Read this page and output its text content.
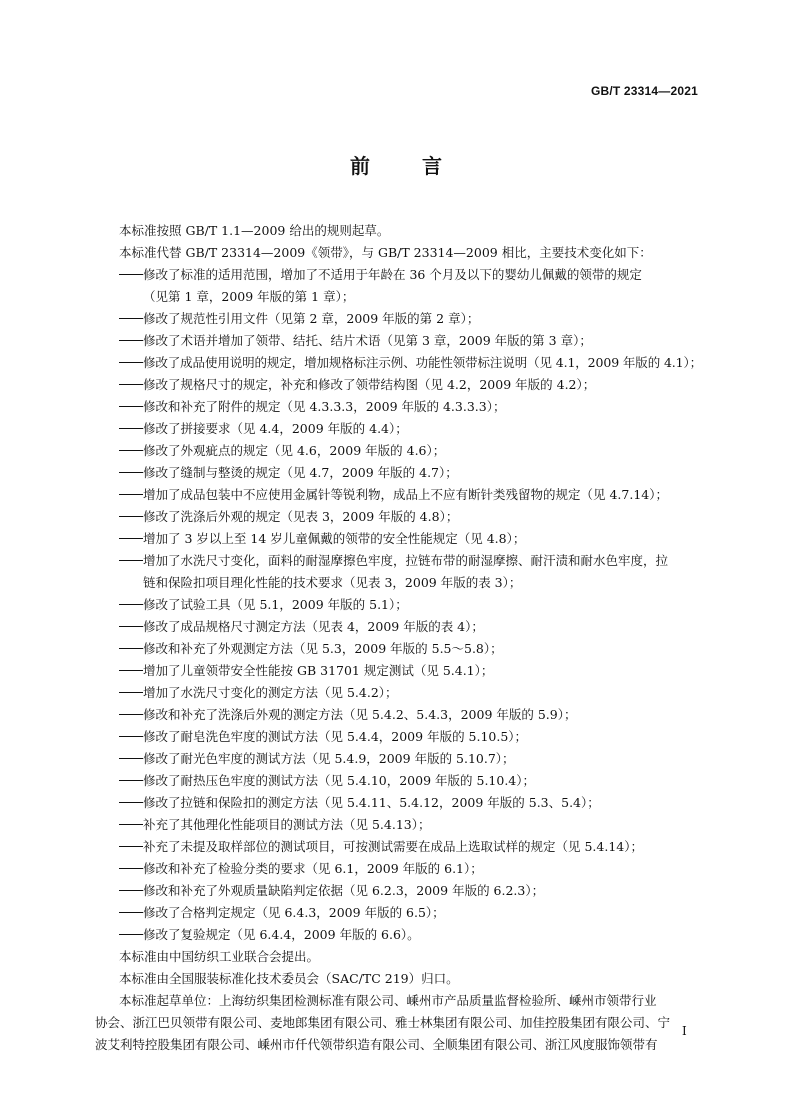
GB/T 23314—2021
前	言
本标准按照 GB/T 1.1—2009 给出的规则起草。
本标准代替 GB/T 23314—2009《领带》，与 GB/T 23314—2009 相比，主要技术变化如下：
修改了标准的适用范围，增加了不适用于年龄在 36 个月及以下的婴幼儿佩戴的领带的规定
（见第 1 章，2009 年版的第 1 章）；
修改了规范性引用文件（见第 2 章，2009 年版的第 2 章）；
修改了术语并增加了领带、结托、结片术语（见第 3 章，2009 年版的第 3 章）；
修改了成品使用说明的规定，增加规格标注示例、功能性领带标注说明（见 4.1，2009 年版的 4.1）；
修改了规格尺寸的规定，补充和修改了领带结构图（见 4.2，2009 年版的 4.2）；
修改和补充了附件的规定（见 4.3.3.3，2009 年版的 4.3.3.3）；
修改了拼接要求（见 4.4，2009 年版的 4.4）；
修改了外观疵点的规定（见 4.6，2009 年版的 4.6）；
修改了缝制与整烫的规定（见 4.7，2009 年版的 4.7）；
增加了成品包装中不应使用金属针等锐利物，成品上不应有断针类残留物的规定（见 4.7.14）；
修改了洗涤后外观的规定（见表 3，2009 年版的 4.8）；
增加了 3 岁以上至 14 岁儿童佩戴的领带的安全性能规定（见 4.8）；
增加了水洗尺寸变化，面料的耐湿摩擦色牢度，拉链布带的耐湿摩擦、耐汗渍和耐水色牢度，拉
链和保险扣项目理化性能的技术要求（见表 3，2009 年版的表 3）；
修改了试验工具（见 5.1，2009 年版的 5.1）；
修改了成品规格尺寸测定方法（见表 4，2009 年版的表 4）；
修改和补充了外观测定方法（见 5.3，2009 年版的 5.5～5.8）；
增加了儿童领带安全性能按 GB 31701 规定测试（见 5.4.1）；
增加了水洗尺寸变化的测定方法（见 5.4.2）；
修改和补充了洗涤后外观的测定方法（见 5.4.2、5.4.3，2009 年版的 5.9）；
修改了耐皂洗色牢度的测试方法（见 5.4.4，2009 年版的 5.10.5）；
修改了耐光色牢度的测试方法（见 5.4.9，2009 年版的 5.10.7）；
修改了耐热压色牢度的测试方法（见 5.4.10，2009 年版的 5.10.4）；
修改了拉链和保险扣的测定方法（见 5.4.11、5.4.12，2009 年版的 5.3、5.4）；
补充了其他理化性能项目的测试方法（见 5.4.13）；
补充了未提及取样部位的测试项目，可按测试需要在成品上选取试样的规定（见 5.4.14）；
修改和补充了检验分类的要求（见 6.1，2009 年版的 6.1）；
修改和补充了外观质量缺陷判定依据（见 6.2.3，2009 年版的 6.2.3）；
修改了合格判定规定（见 6.4.3，2009 年版的 6.5）；
修改了复验规定（见 6.4.4，2009 年版的 6.6）。
本标准由中国纺织工业联合会提出。
本标准由全国服装标准化技术委员会（SAC/TC 219）归口。
本标准起草单位：上海纺织集团检测标准有限公司、嵊州市产品质量监督检验所、嵊州市领带行业
协会、浙江巴贝领带有限公司、麦地郎集团有限公司、雅士林集团有限公司、加佳控股集团有限公司、宁
波艾利特控股集团有限公司、嵊州市仟代领带织造有限公司、全顺集团有限公司、浙江风度服饰领带有
I
